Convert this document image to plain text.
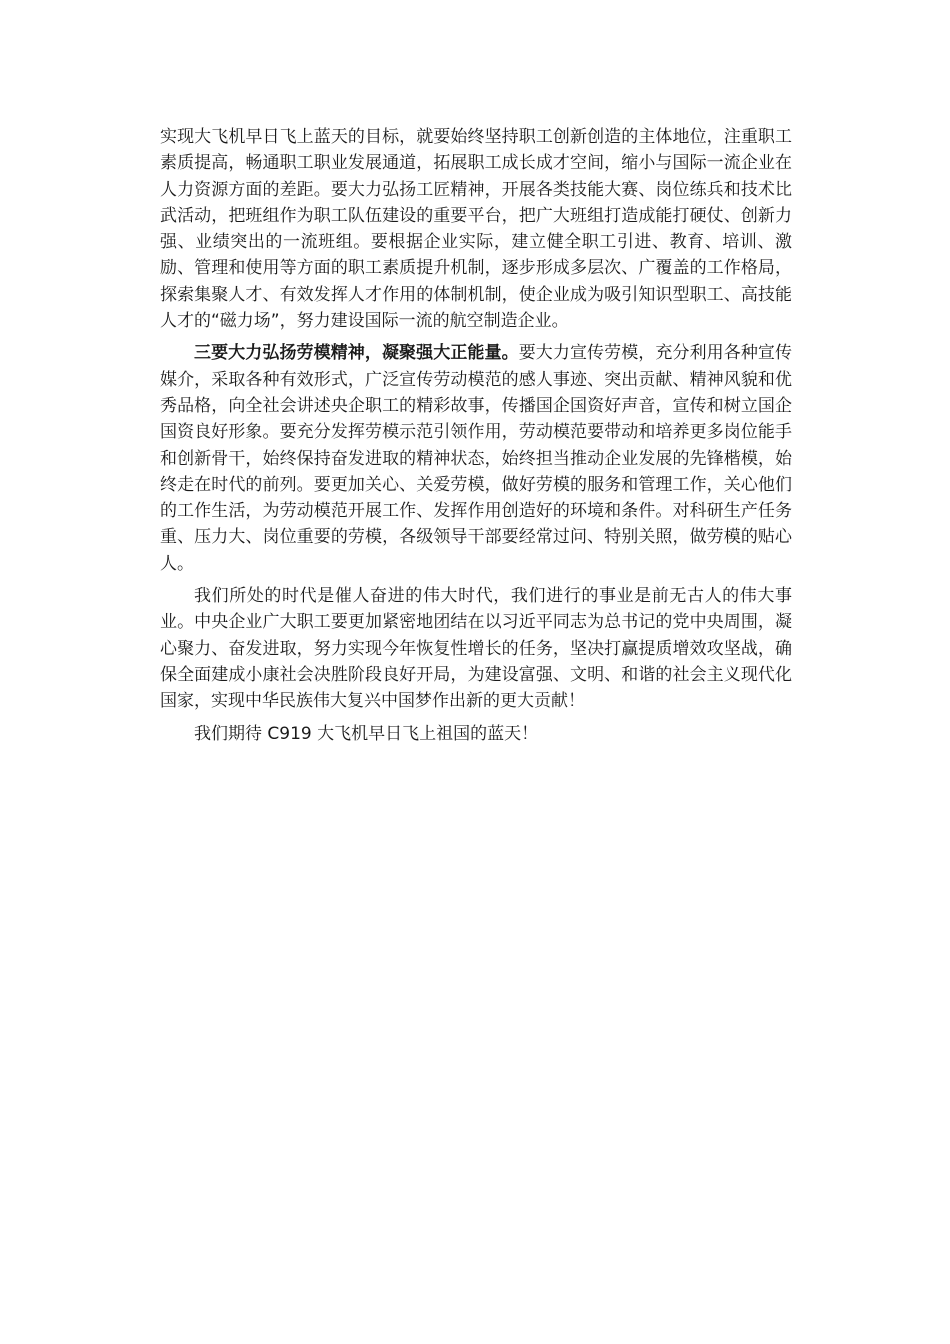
实现大飞机早日飞上蓝天的目标，就要始终坚持职工创新创造的主体地位，注重职工素质提高，畅通职工职业发展通道，拓展职工成长成才空间，缩小与国际一流企业在人力资源方面的差距。要大力弘扬工匠精神，开展各类技能大赛、岗位练兵和技术比武活动，把班组作为职工队伍建设的重要平台，把广大班组打造成能打硬仗、创新力强、业绩突出的一流班组。要根据企业实际，建立健全职工引进、教育、培训、激励、管理和使用等方面的职工素质提升机制，逐步形成多层次、广覆盖的工作格局，探索集聚人才、有效发挥人才作用的体制机制，使企业成为吸引知识型职工、高技能人才的“磁力场”，努力建设国际一流的航空制造企业。

三要大力弘扬劳模精神，凝聚强大正能量。要大力宣传劳模，充分利用各种宣传媒介，采取各种有效形式，广泛宣传劳动模范的感人事迹、突出贡献、精神风貌和优秀品格，向全社会讲述央企职工的精彩故事，传播国企国资好声音，宣传和树立国企国资良好形象。要充分发挥劳模示范引领作用，劳动模范要带动和培养更多岗位能手和创新骨干，始终保持奋发进取的精神状态，始终担当推动企业发展的先锋楷模，始终走在时代的前列。要更加关心、关爱劳模，做好劳模的服务和管理工作，关心他们的工作生活，为劳动模范开展工作、发挥作用创造好的环境和条件。对科研生产任务重、压力大、岗位重要的劳模，各级领导干部要经常过问、特别关照，做劳模的贴心人。

我们所处的时代是催人奋进的伟大时代，我们进行的事业是前无古人的伟大事业。中央企业广大职工要更加紧密地团结在以习近平同志为总书记的党中央周围，凝心聚力、奋发进取，努力实现今年恢复性增长的任务，坚决打赢提质增效攻坚战，确保全面建成小康社会决胜阶段良好开局，为建设富强、文明、和谐的社会主义现代化国家，实现中华民族伟大复兴中国梦作出新的更大贡献！

我们期待 C919 大飞机早日飞上祖国的蓝天！
